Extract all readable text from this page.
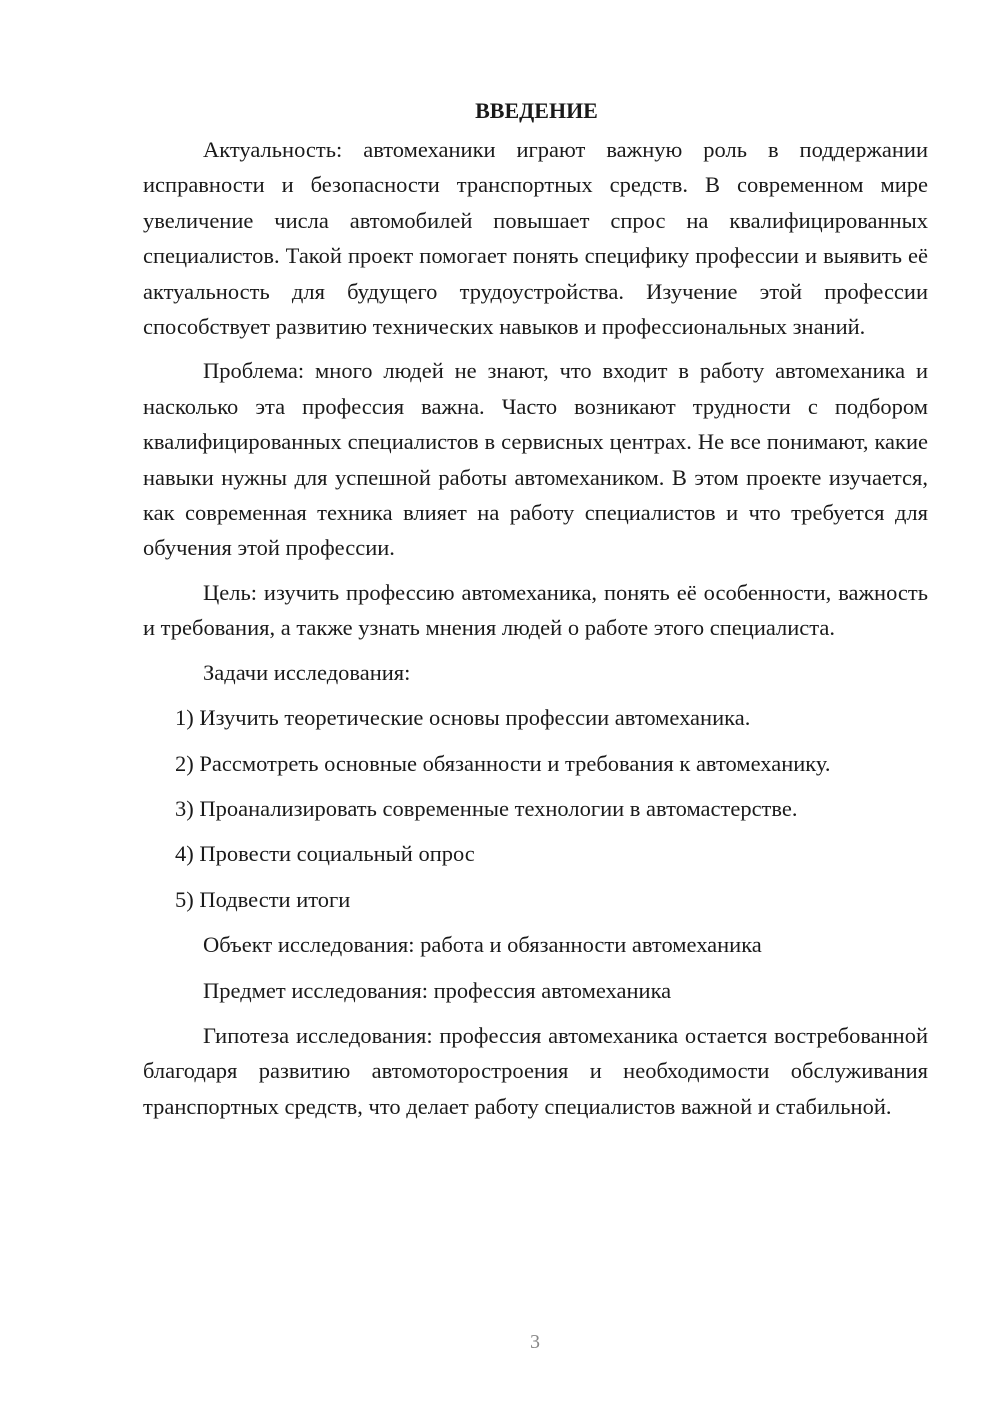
ВВЕДЕНИЕ

Актуальность: автомеханики играют важную роль в поддержании исправности и безопасности транспортных средств. В современном мире увеличение числа автомобилей повышает спрос на квалифицированных специалистов. Такой проект помогает понять специфику профессии и выявить её актуальность для будущего трудоустройства. Изучение этой профессии способствует развитию технических навыков и профессиональных знаний.

Проблема: много людей не знают, что входит в работу автомеханика и насколько эта профессия важна. Часто возникают трудности с подбором квалифицированных специалистов в сервисных центрах. Не все понимают, какие навыки нужны для успешной работы автомехаником. В этом проекте изучается, как современная техника влияет на работу специалистов и что требуется для обучения этой профессии.

Цель: изучить профессию автомеханика, понять её особенности, важность и требования, а также узнать мнения людей о работе этого специалиста.

Задачи исследования:
1) Изучить теоретические основы профессии автомеханика.
2) Рассмотреть основные обязанности и требования к автомеханику.
3) Проанализировать современные технологии в автомастерстве.
4) Провести социальный опрос
5) Подвести итоги
Объект исследования: работа и обязанности автомеханика
Предмет исследования: профессия автомеханика

Гипотеза исследования: профессия автомеханика остается востребованной благодаря развитию автомоторостроения и необходимости обслуживания транспортных средств, что делает работу специалистов важной и стабильной.

3
